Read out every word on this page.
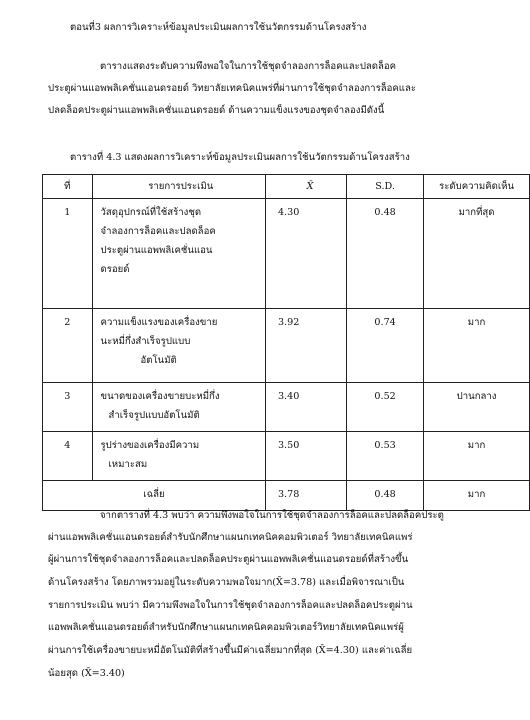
ตอนที่3 ผลการวิเคราะห์ข้อมูลประเมินผลการใช้นวัตกรรมด้านโครงสร้าง
ตารางแสดงระดับความพึงพอใจในการใช้ชุดจำลองการล็อคและปลดล็อค
ประตูผ่านแอพพลิเคชั่นแอนดรอยด์ วิทยาลัยเทคนิคแพร่ที่ผ่านการใช้ชุดจำลองการล็อคและ
ปลดล็อคประตูผ่านแอพพลิเคชั่นแอนดรอยด์ ด้านความแข็งแรงของชุดจำลองมีดังนี้
ตารางที่ 4.3 แสดงผลการวิเคราะห์ข้อมูลประเมินผลการใช้นวัตกรรมด้านโครงสร้าง
ที่	รายการประเมิน	X̄	S.D.	ระดับความคิดเห็น
1	วัสดุอุปกรณ์ที่ใช้สร้างชุด
จำลองการล็อคและปลดล็อค
ประตูผ่านแอพพลิเคชั่นแอน
ดรอยด์	4.30	0.48	มากที่สุด
2	ความแข็งแรงของเครื่องขาย
นะหมี่กึ่งสำเร็จรูปแบบ
อัตโนมัติ	3.92	0.74	มาก
3	ขนาดของเครื่องขายบะหมี่กึ่ง
สำเร็จรูปแบบอัตโนมัติ	3.40	0.52	ปานกลาง
4	รูปร่างของเครื่องมีความ
เหมาะสม	3.50	0.53	มาก
เฉลี่ย		3.78	0.48	มาก
จากตารางที่ 4.3 พบว่า ความพึงพอใจในการใช้ชุดจำลองการล็อคและปลดล็อคประตู
ผ่านแอพพลิเคชั่นแอนดรอยด์สำรับนักศึกษาแผนกเทคนิคคอมพิวเตอร์ วิทยาลัยเทคนิคแพร่
ผู้ผ่านการใช้ชุดจำลองการล็อคและปลดล็อคประตูผ่านแอพพลิเคชั่นแอนดรอยด์ที่สร้างขึ้น
ด้านโครงสร้าง โดยภาพรวมอยู่ในระดับความพอใจมาก(X̄=3.78) และเมื่อพิจารณาเป็น
รายการประเมิน พบว่า มีความพึงพอใจในการใช้ชุดจำลองการล็อคและปลดล็อคประตูผ่าน
แอพพลิเคชั่นแอนดรอยด์สำหรับนักศึกษาแผนกเทคนิคคอมพิวเตอร์วิทยาลัยเทคนิคแพร่ผู้
ผ่านการใช้เครื่องขายบะหมี่อัตโนมัติที่สร้างขึ้นมีค่าเฉลี่ยมากที่สุด (X̄=4.30) และค่าเฉลี่ย
น้อยสุด (X̄=3.40)
